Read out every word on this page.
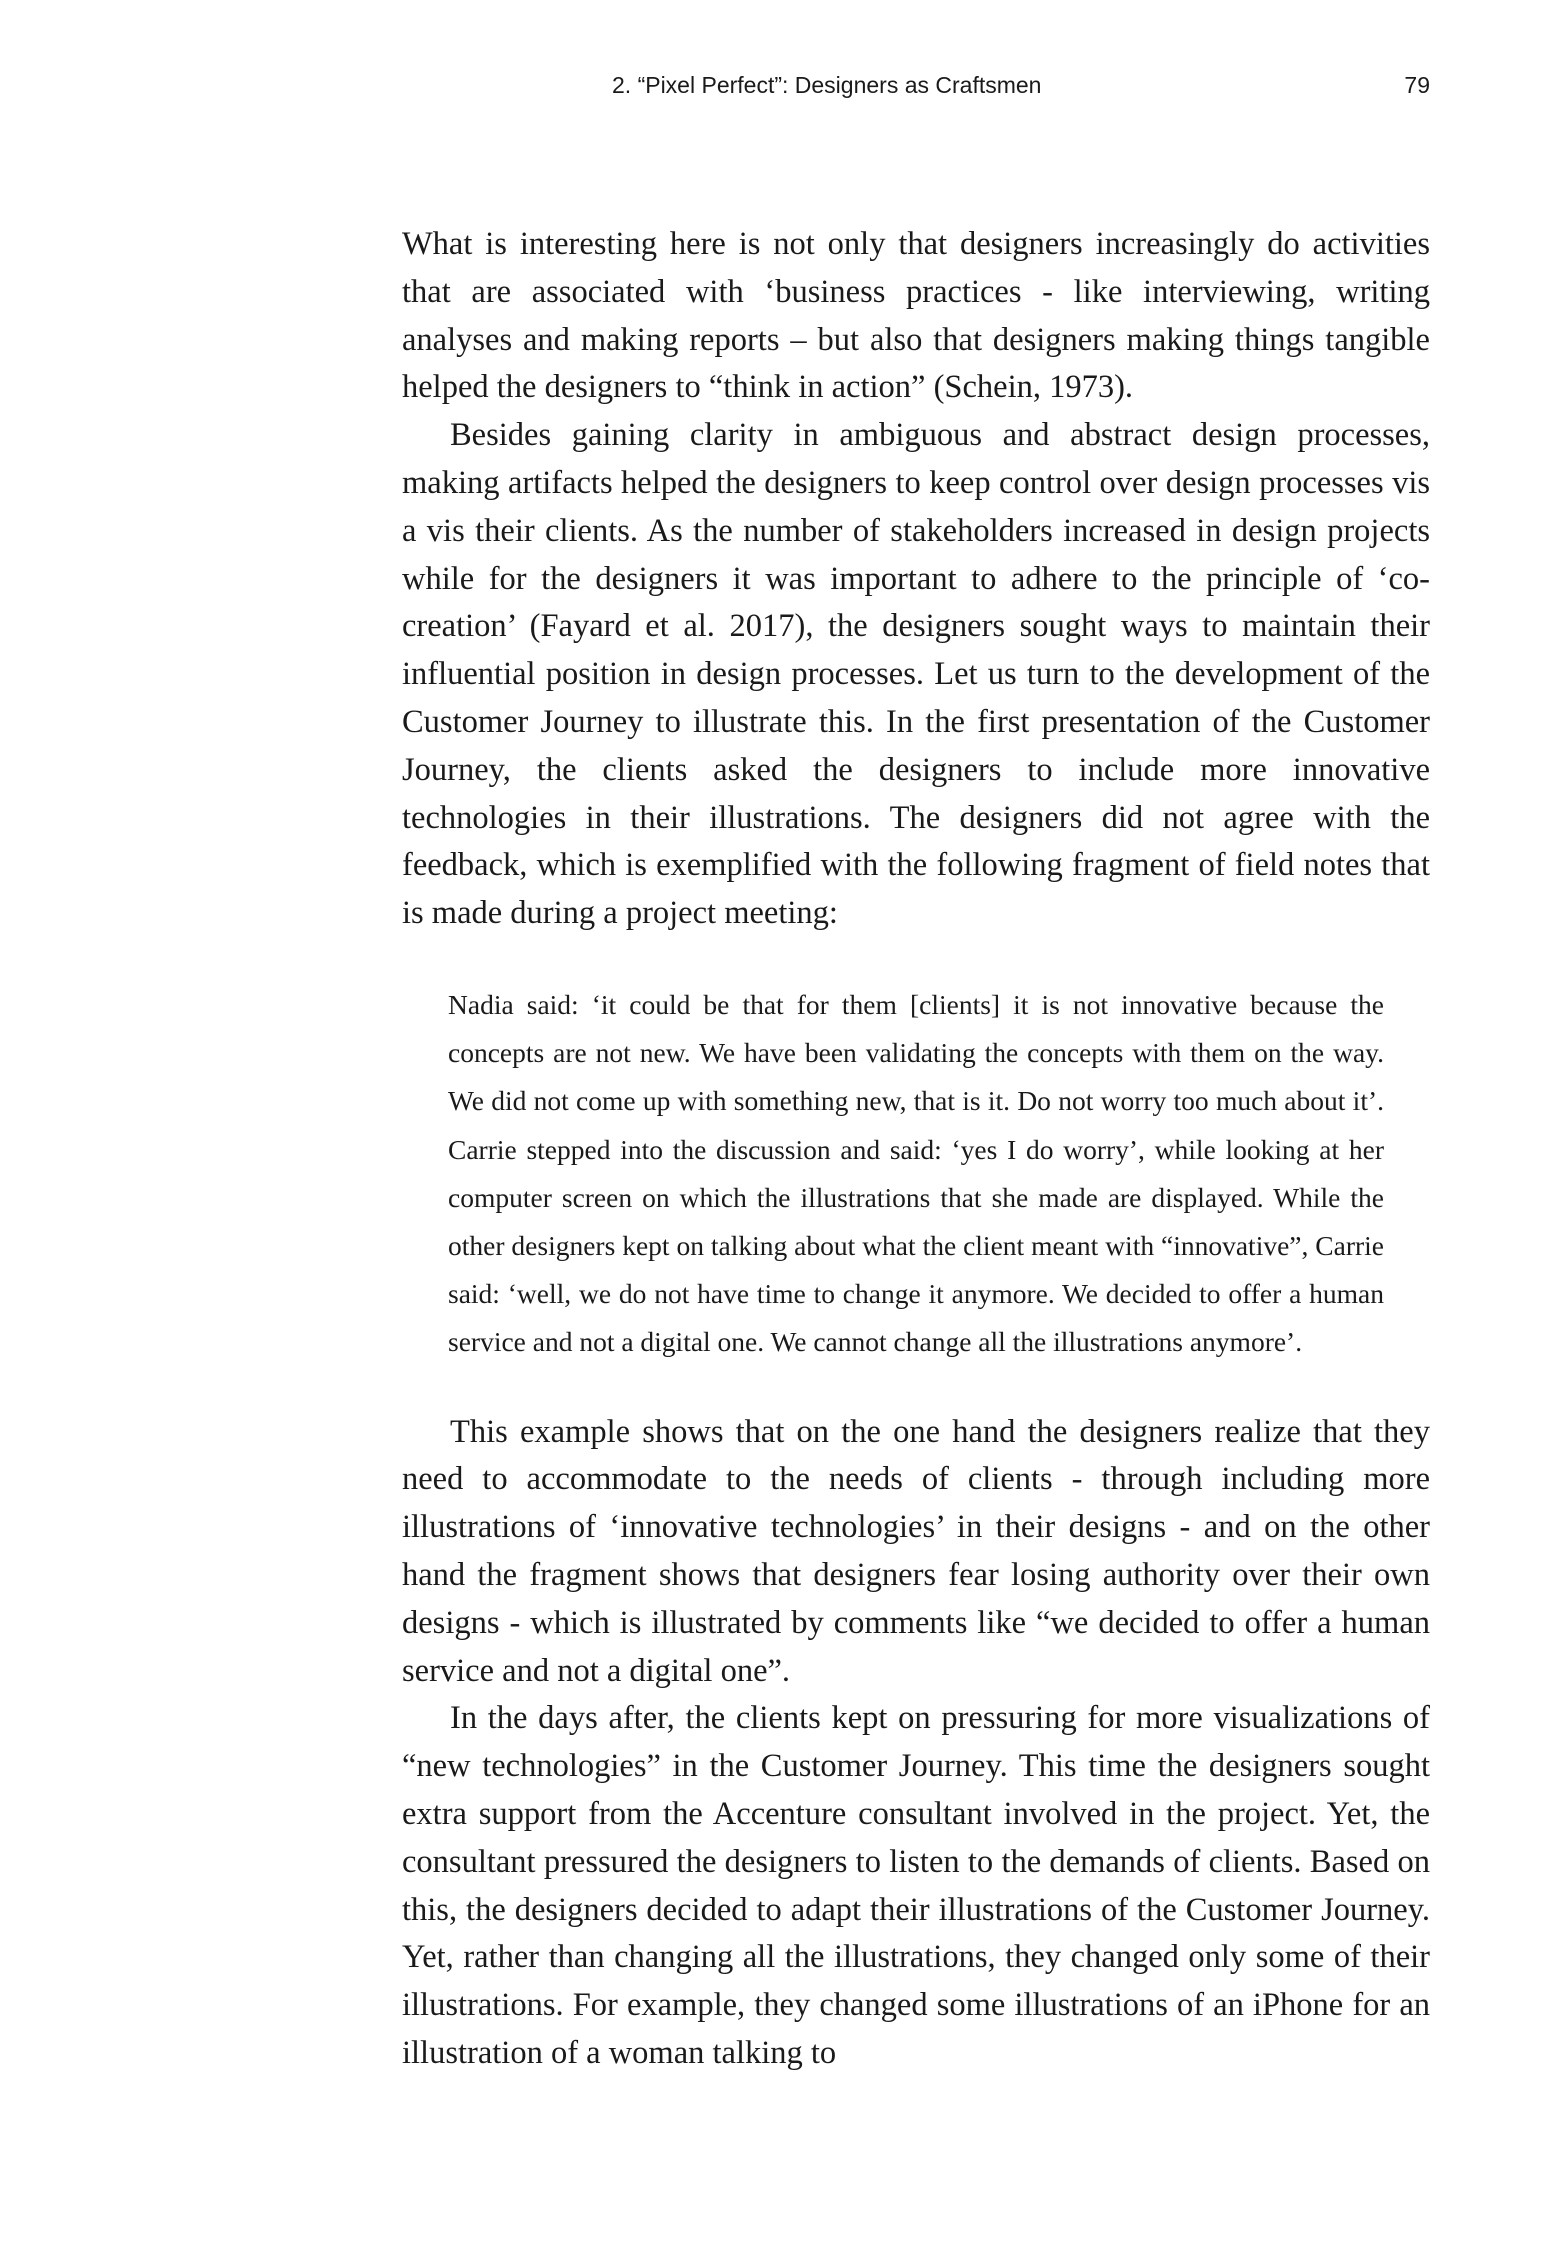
2. “Pixel Perfect”: Designers as Craftsmen	79

What is interesting here is not only that designers increasingly do activities that are associated with ‘business practices - like interviewing, writing analyses and making reports – but also that designers making things tangible helped the designers to “think in action” (Schein, 1973).

Besides gaining clarity in ambiguous and abstract design processes, making artifacts helped the designers to keep control over design processes vis a vis their clients. As the number of stakeholders increased in design projects while for the designers it was important to adhere to the principle of ‘co-creation’ (Fayard et al. 2017), the designers sought ways to maintain their influential position in design processes. Let us turn to the development of the Customer Journey to illustrate this. In the first presentation of the Customer Journey, the clients asked the designers to include more innovative technologies in their illustrations. The designers did not agree with the feedback, which is exemplified with the following fragment of field notes that is made during a project meeting:

Nadia said: ‘it could be that for them [clients] it is not innovative because the concepts are not new. We have been validating the concepts with them on the way. We did not come up with something new, that is it. Do not worry too much about it’. Carrie stepped into the discussion and said: ‘yes I do worry’, while looking at her computer screen on which the illustrations that she made are displayed. While the other designers kept on talking about what the client meant with “innovative”, Carrie said: ‘well, we do not have time to change it anymore. We decided to offer a human service and not a digital one. We cannot change all the illustrations anymore’.

This example shows that on the one hand the designers realize that they need to accommodate to the needs of clients - through including more illustrations of ‘innovative technologies’ in their designs - and on the other hand the fragment shows that designers fear losing authority over their own designs - which is illustrated by comments like “we decided to offer a human service and not a digital one”.

In the days after, the clients kept on pressuring for more visualizations of “new technologies” in the Customer Journey. This time the designers sought extra support from the Accenture consultant involved in the project. Yet, the consultant pressured the designers to listen to the demands of clients. Based on this, the designers decided to adapt their illustrations of the Customer Journey. Yet, rather than changing all the illustrations, they changed only some of their illustrations. For example, they changed some illustrations of an iPhone for an illustration of a woman talking to
